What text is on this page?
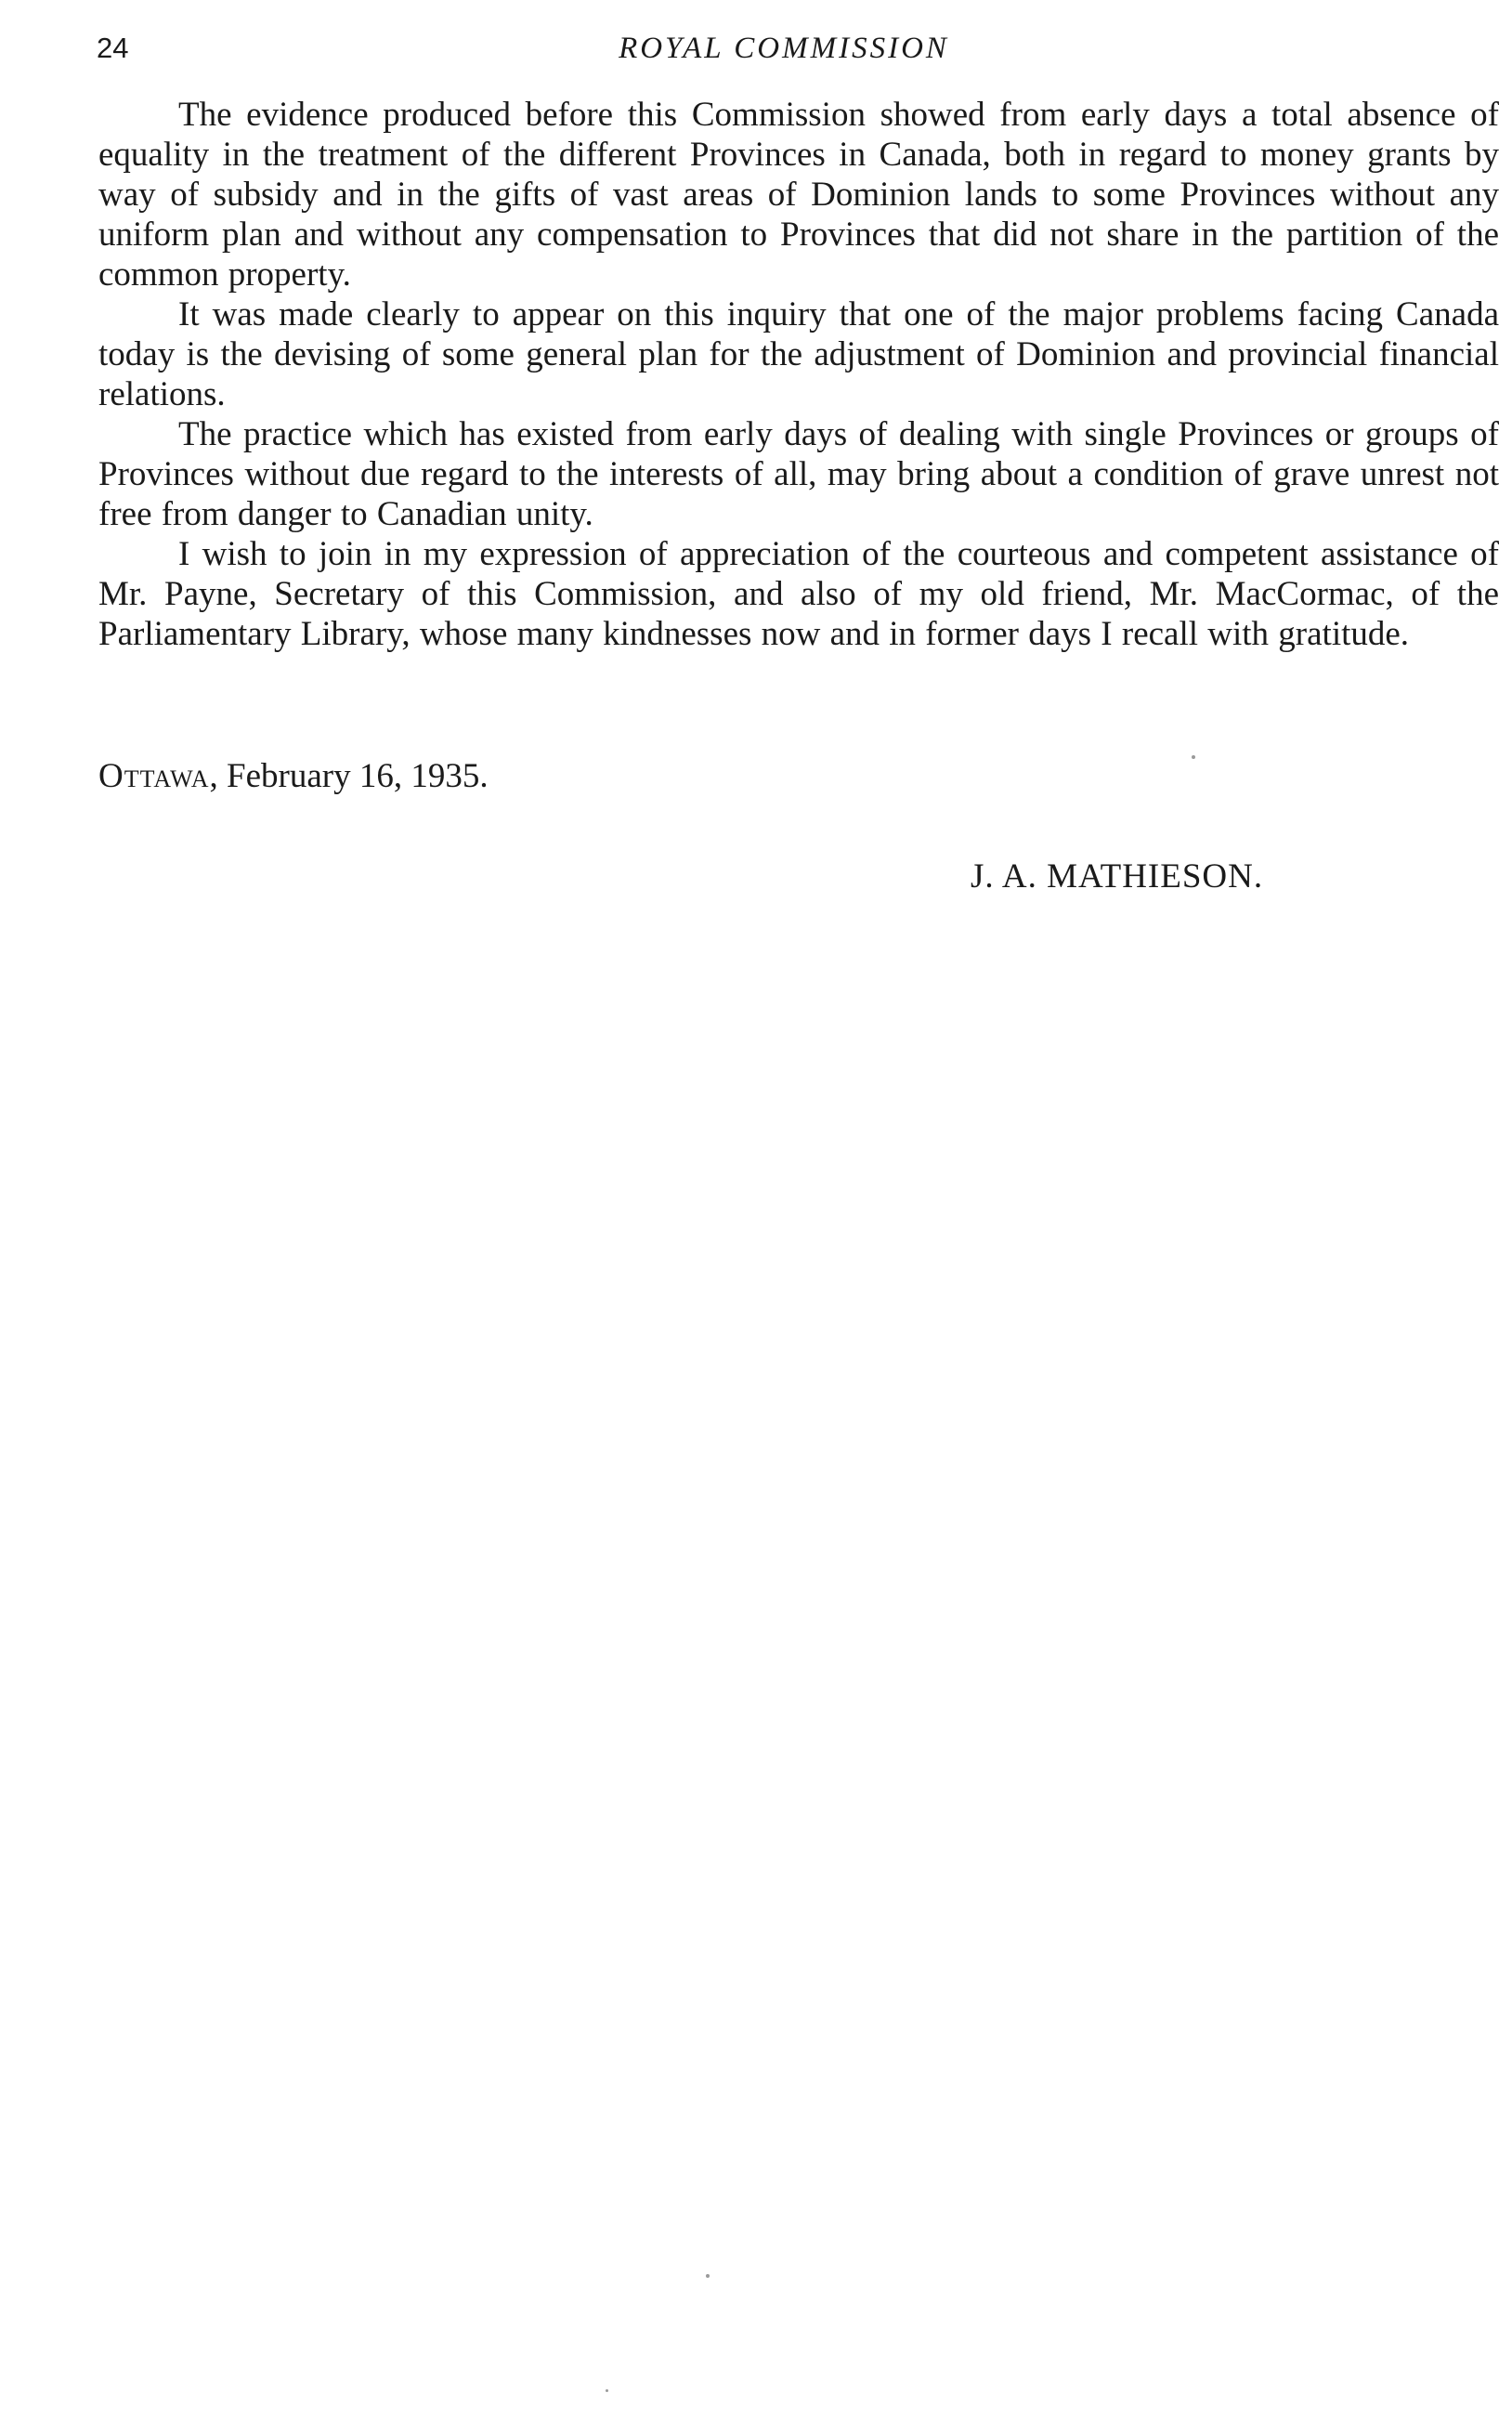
24	ROYAL COMMISSION

The evidence produced before this Commission showed from early days a total absence of equality in the treatment of the different Provinces in Canada, both in regard to money grants by way of subsidy and in the gifts of vast areas of Dominion lands to some Provinces without any uniform plan and without any compensation to Provinces that did not share in the partition of the common property.

It was made clearly to appear on this inquiry that one of the major problems facing Canada today is the devising of some general plan for the adjustment of Dominion and provincial financial relations.

The practice which has existed from early days of dealing with single Provinces or groups of Provinces without due regard to the interests of all, may bring about a condition of grave unrest not free from danger to Canadian unity.

I wish to join in my expression of appreciation of the courteous and competent assistance of Mr. Payne, Secretary of this Commission, and also of my old friend, Mr. MacCormac, of the Parliamentary Library, whose many kindnesses now and in former days I recall with gratitude.

Ottawa, February 16, 1935.
J. A. MATHIESON.
